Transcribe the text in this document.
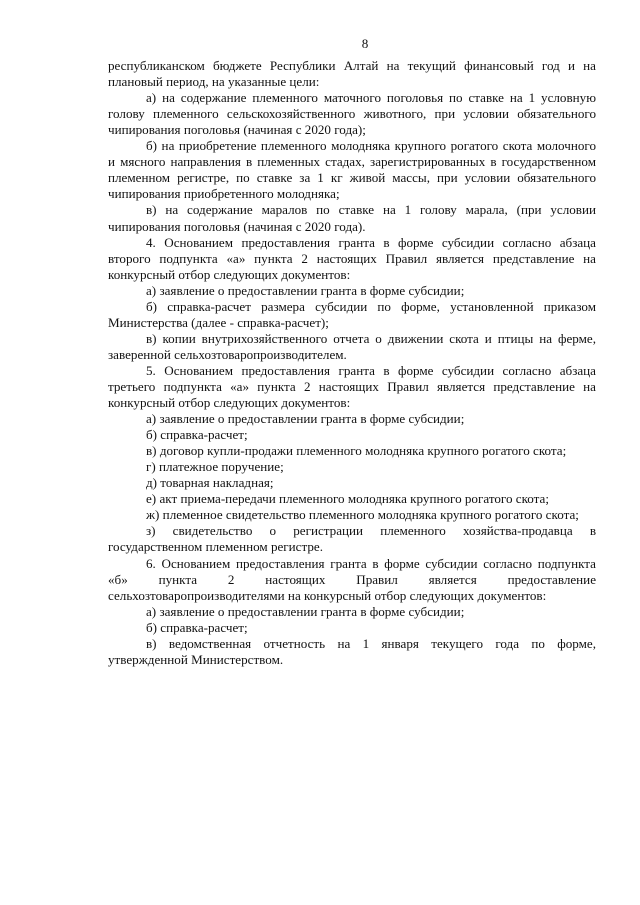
8

республиканском бюджете Республики Алтай на текущий финансовый год и на плановый период, на указанные цели:

а) на содержание племенного маточного поголовья по ставке на 1 условную голову племенного сельскохозяйственного животного, при условии обязательного чипирования поголовья (начиная с 2020 года);

б) на приобретение племенного молодняка крупного рогатого скота молочного и мясного направления в племенных стадах, зарегистрированных в государственном племенном регистре, по ставке за 1 кг живой массы, при условии обязательного чипирования приобретенного молодняка;

в) на содержание маралов по ставке на 1 голову марала, (при условии чипирования поголовья (начиная с 2020 года).

4. Основанием предоставления гранта в форме субсидии согласно абзаца второго подпункта «а» пункта 2 настоящих Правил является представление на конкурсный отбор следующих документов:

а) заявление о предоставлении гранта в форме субсидии;

б) справка-расчет размера субсидии по форме, установленной приказом Министерства (далее - справка-расчет);

в) копии внутрихозяйственного отчета о движении скота и птицы на ферме, заверенной сельхозтоваропроизводителем.

5. Основанием предоставления гранта в форме субсидии согласно абзаца третьего подпункта «а» пункта 2 настоящих Правил является представление на конкурсный отбор следующих документов:

а) заявление о предоставлении гранта в форме субсидии;

б) справка-расчет;

в) договор купли-продажи племенного молодняка крупного рогатого скота;

г) платежное поручение;

д) товарная накладная;

е) акт приема-передачи племенного молодняка крупного рогатого скота;

ж) племенное свидетельство племенного молодняка крупного рогатого скота;

з) свидетельство о регистрации племенного хозяйства-продавца в государственном племенном регистре.

6. Основанием предоставления гранта в форме субсидии согласно подпункта «б» пункта 2 настоящих Правил является предоставление сельхозтоваропроизводителями на конкурсный отбор следующих документов:

а) заявление о предоставлении гранта в форме субсидии;

б) справка-расчет;

в) ведомственная отчетность на 1 января текущего года по форме, утвержденной Министерством.
